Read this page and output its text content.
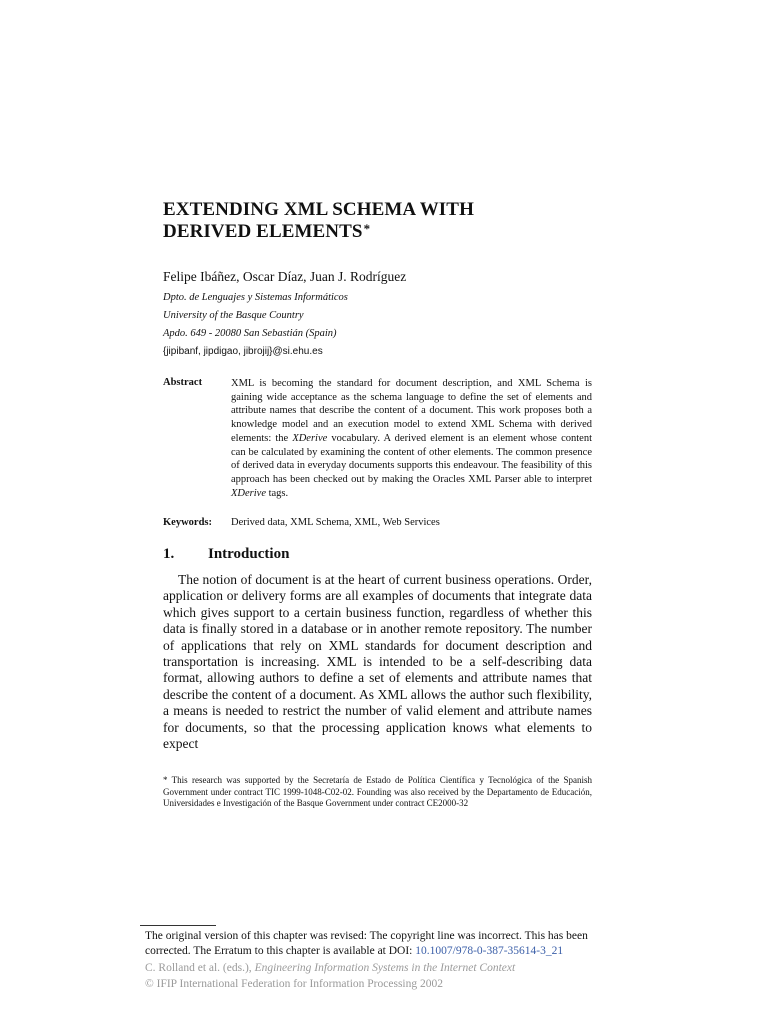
EXTENDING XML SCHEMA WITH
DERIVED ELEMENTS*
Felipe Ibáñez, Oscar Díaz, Juan J. Rodríguez
Dpto. de Lenguajes y Sistemas Informáticos
University of the Basque Country
Apdo. 649 - 20080 San Sebastián (Spain)
{jipibanf, jipdigao, jibrojij}@si.ehu.es
Abstract	XML is becoming the standard for document description, and XML Schema is gaining wide acceptance as the schema language to define the set of elements and attribute names that describe the content of a document. This work proposes both a knowledge model and an execution model to extend XML Schema with derived elements: the XDerive vocabulary. A derived element is an element whose content can be calculated by examining the content of other elements. The common presence of derived data in everyday documents supports this endeavour. The feasibility of this approach has been checked out by making the Oracles XML Parser able to interpret XDerive tags.
Keywords: Derived data, XML Schema, XML, Web Services
1. Introduction

The notion of document is at the heart of current business operations. Order, application or delivery forms are all examples of documents that integrate data which gives support to a certain business function, regardless of whether this data is finally stored in a database or in another remote repository. The number of applications that rely on XML standards for document description and transportation is increasing. XML is intended to be a self-describing data format, allowing authors to define a set of elements and attribute names that describe the content of a document. As XML allows the author such flexibility, a means is needed to restrict the number of valid element and attribute names for documents, so that the processing application knows what elements to expect

* This research was supported by the Secretaría de Estado de Política Científica y Tecnológica of the Spanish Government under contract TIC 1999-1048-C02-02. Founding was also received by the Departamento de Educación, Universidades e Investigación of the Basque Government under contract CE2000-32
The original version of this chapter was revised: The copyright line was incorrect. This has been corrected. The Erratum to this chapter is available at DOI: 10.1007/978-0-387-35614-3_21
C. Rolland et al. (eds.), Engineering Information Systems in the Internet Context
© IFIP International Federation for Information Processing 2002
